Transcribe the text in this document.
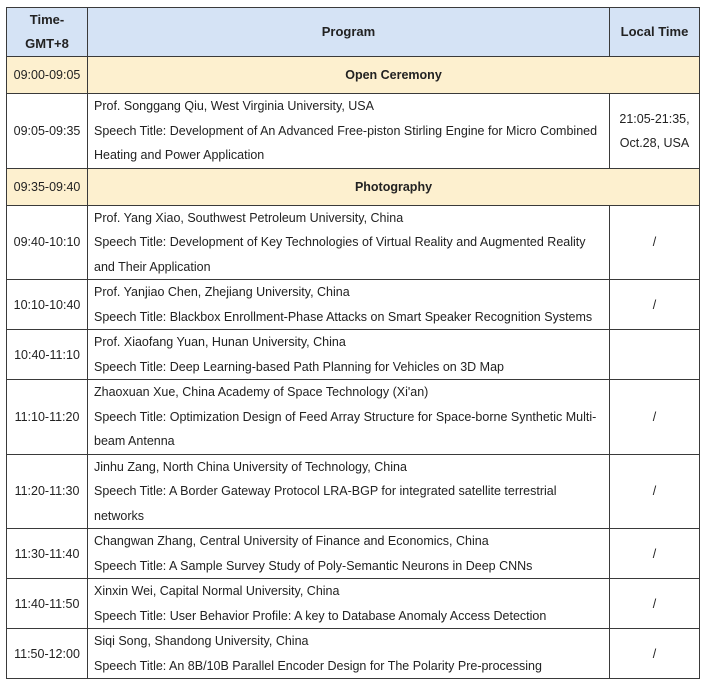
Time-
GMT+8	Program	Local Time
09:00-09:05	Open Ceremony	
09:05-09:35	Prof. Songgang Qiu, West Virginia University, USA
Speech Title: Development of An Advanced Free-piston Stirling Engine for Micro Combined Heating and Power Application	21:05-21:35,
Oct.28, USA

09:35-09:40	Photography	
09:40-10:10	Prof. Yang Xiao, Southwest Petroleum University, China
Speech Title: Development of Key Technologies of Virtual Reality and Augmented Reality and Their Application	/
10:10-10:40	Prof. Yanjiao Chen, Zhejiang University, China
Speech Title: Blackbox Enrollment-Phase Attacks on Smart Speaker Recognition Systems	/
10:40-11:10	Prof. Xiaofang Yuan, Hunan University, China
Speech Title: Deep Learning-based Path Planning for Vehicles on 3D Map	

11:10-11:20	Zhaoxuan Xue, China Academy of Space Technology (Xi'an)
Speech Title: Optimization Design of Feed Array Structure for Space-borne Synthetic Multi-beam Antenna	/
11:20-11:30	Jinhu Zang, North China University of Technology, China
Speech Title: A Border Gateway Protocol LRA-BGP for integrated satellite terrestrial networks	/
11:30-11:40	Changwan Zhang, Central University of Finance and Economics, China
Speech Title: A Sample Survey Study of Poly-Semantic Neurons in Deep CNNs	/
11:40-11:50	Xinxin Wei, Capital Normal University, China
Speech Title: User Behavior Profile: A key to Database Anomaly Access Detection	/
11:50-12:00	Siqi Song, Shandong University, China
Speech Title: An 8B/10B Parallel Encoder Design for The Polarity Pre-processing	/
